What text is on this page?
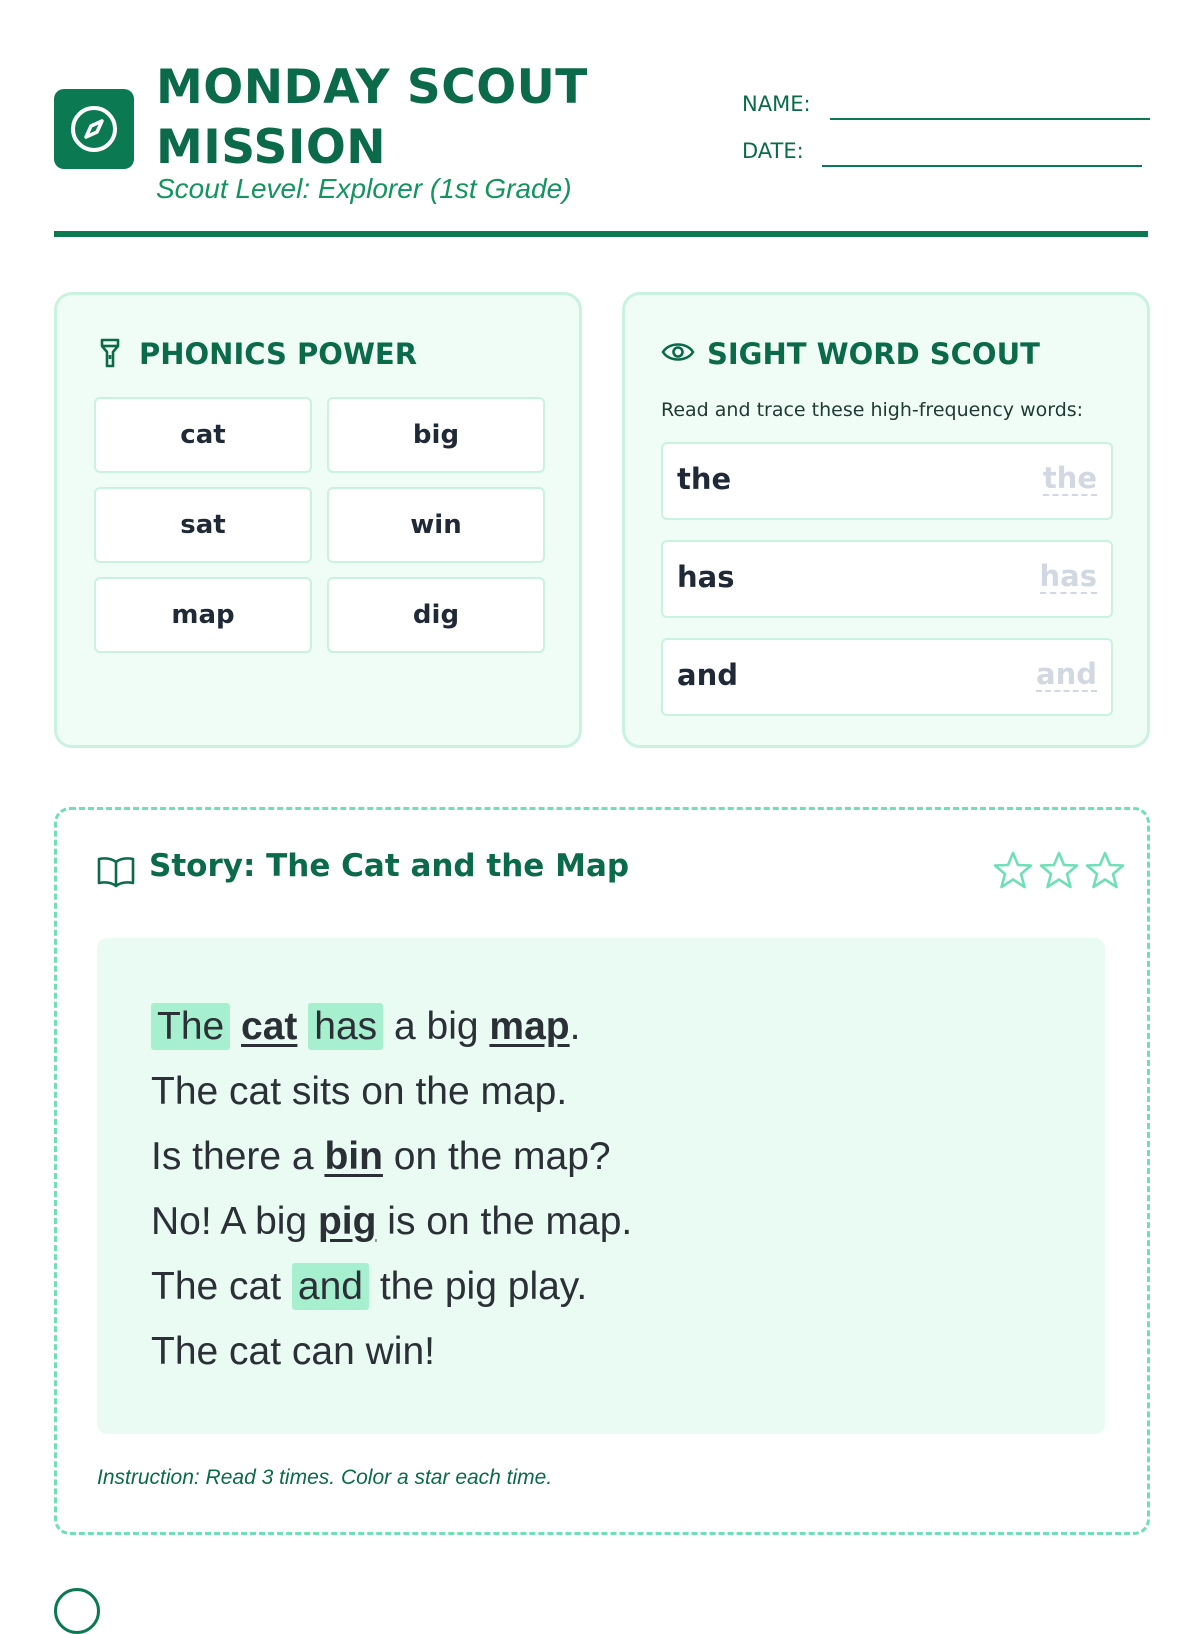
MONDAY SCOUT
MISSION
Scout Level: Explorer (1st Grade)
NAME:
DATE:
PHONICS POWER
cat	big
sat	win
map	dig
SIGHT WORD SCOUT
Read and trace these high-frequency words:
the	the
has	has
and	and
Story: The Cat and the Map
The cat has a big map.
The cat sits on the map.
Is there a bin on the map?
No! A big pig is on the map.
The cat and the pig play.
The cat can win!
Instruction: Read 3 times. Color a star each time.
